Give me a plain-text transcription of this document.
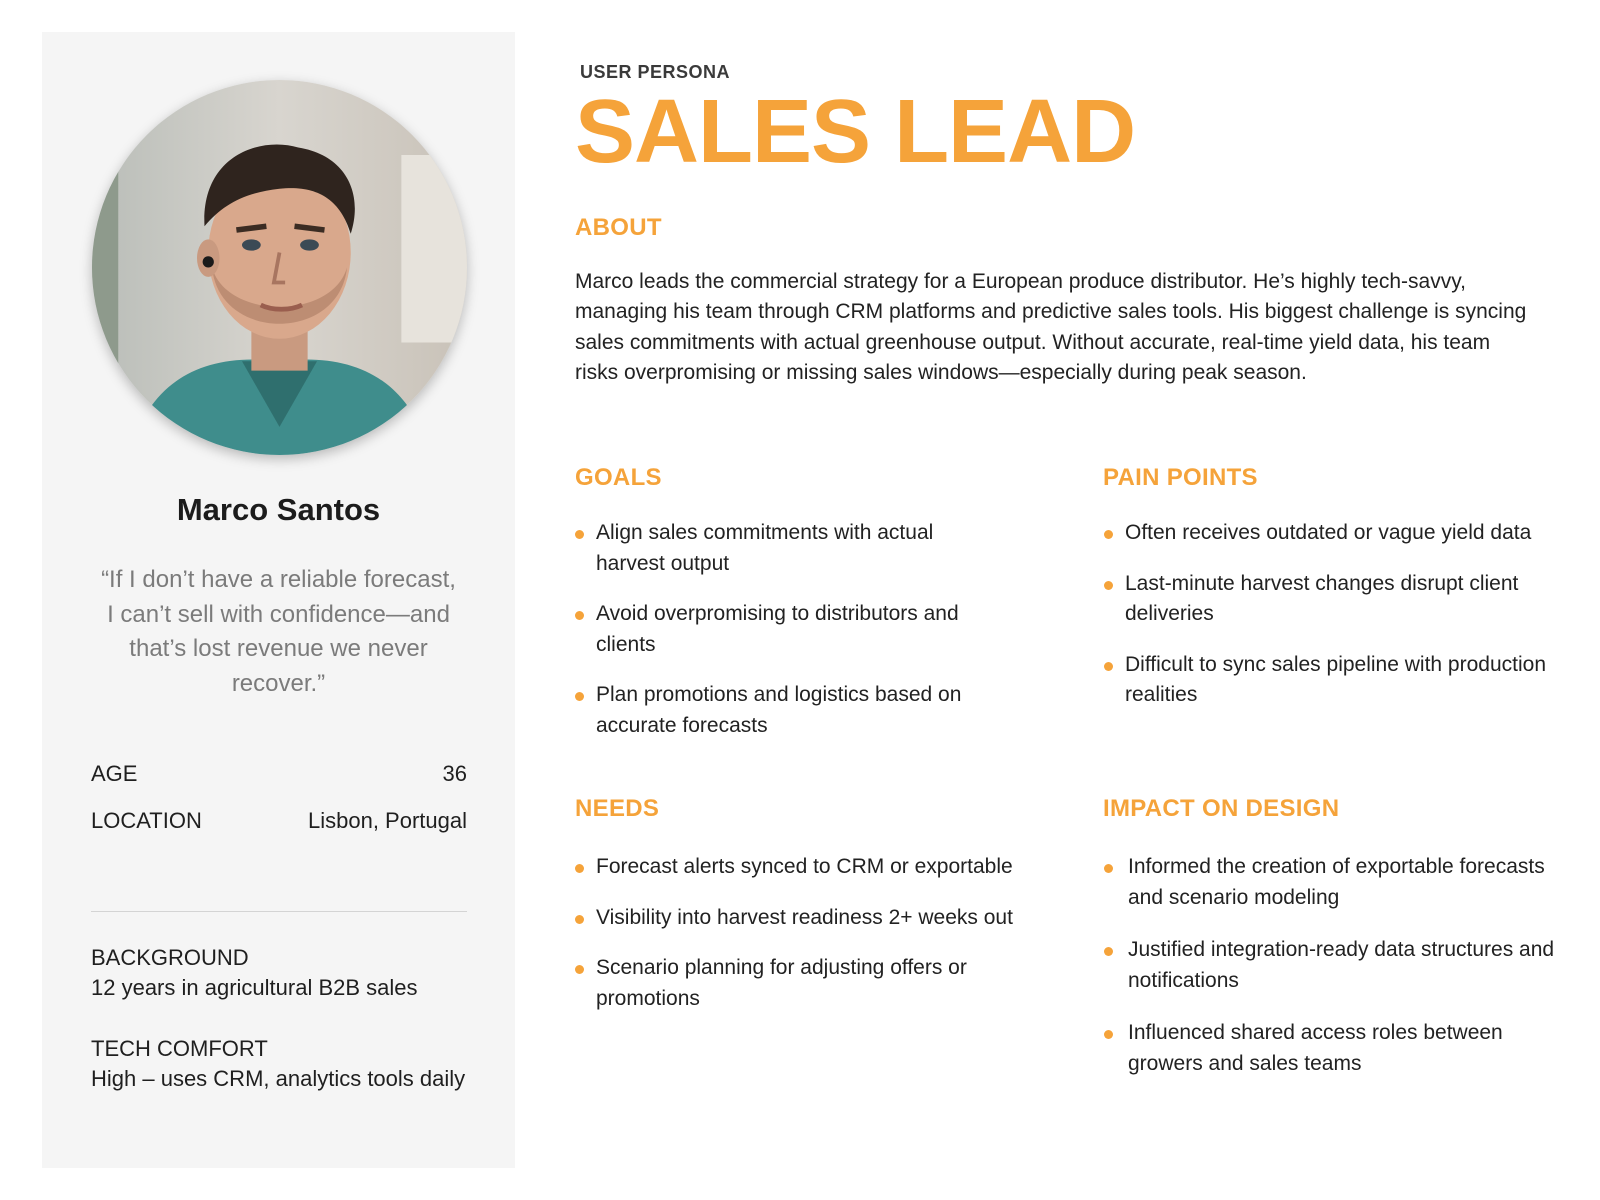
Marco Santos
“If I don’t have a reliable forecast, I can’t sell with confidence—and that’s lost revenue we never recover.”
AGE	36
LOCATION	Lisbon, Portugal
BACKGROUND
12 years in agricultural B2B sales
TECH COMFORT
High – uses CRM, analytics tools daily
USER PERSONA
SALES LEAD
ABOUT
Marco leads the commercial strategy for a European produce distributor. He’s highly tech-savvy, managing his team through CRM platforms and predictive sales tools. His biggest challenge is syncing sales commitments with actual greenhouse output. Without accurate, real-time yield data, his team risks overpromising or missing sales windows—especially during peak season.
GOALS
Align sales commitments with actual harvest output
Avoid overpromising to distributors and clients
Plan promotions and logistics based on accurate forecasts
PAIN POINTS
Often receives outdated or vague yield data
Last-minute harvest changes disrupt client deliveries
Difficult to sync sales pipeline with production realities
NEEDS
Forecast alerts synced to CRM or exportable
Visibility into harvest readiness 2+ weeks out
Scenario planning for adjusting offers or promotions
IMPACT ON DESIGN
Informed the creation of exportable forecasts and scenario modeling
Justified integration-ready data structures and notifications
Influenced shared access roles between growers and sales teams
